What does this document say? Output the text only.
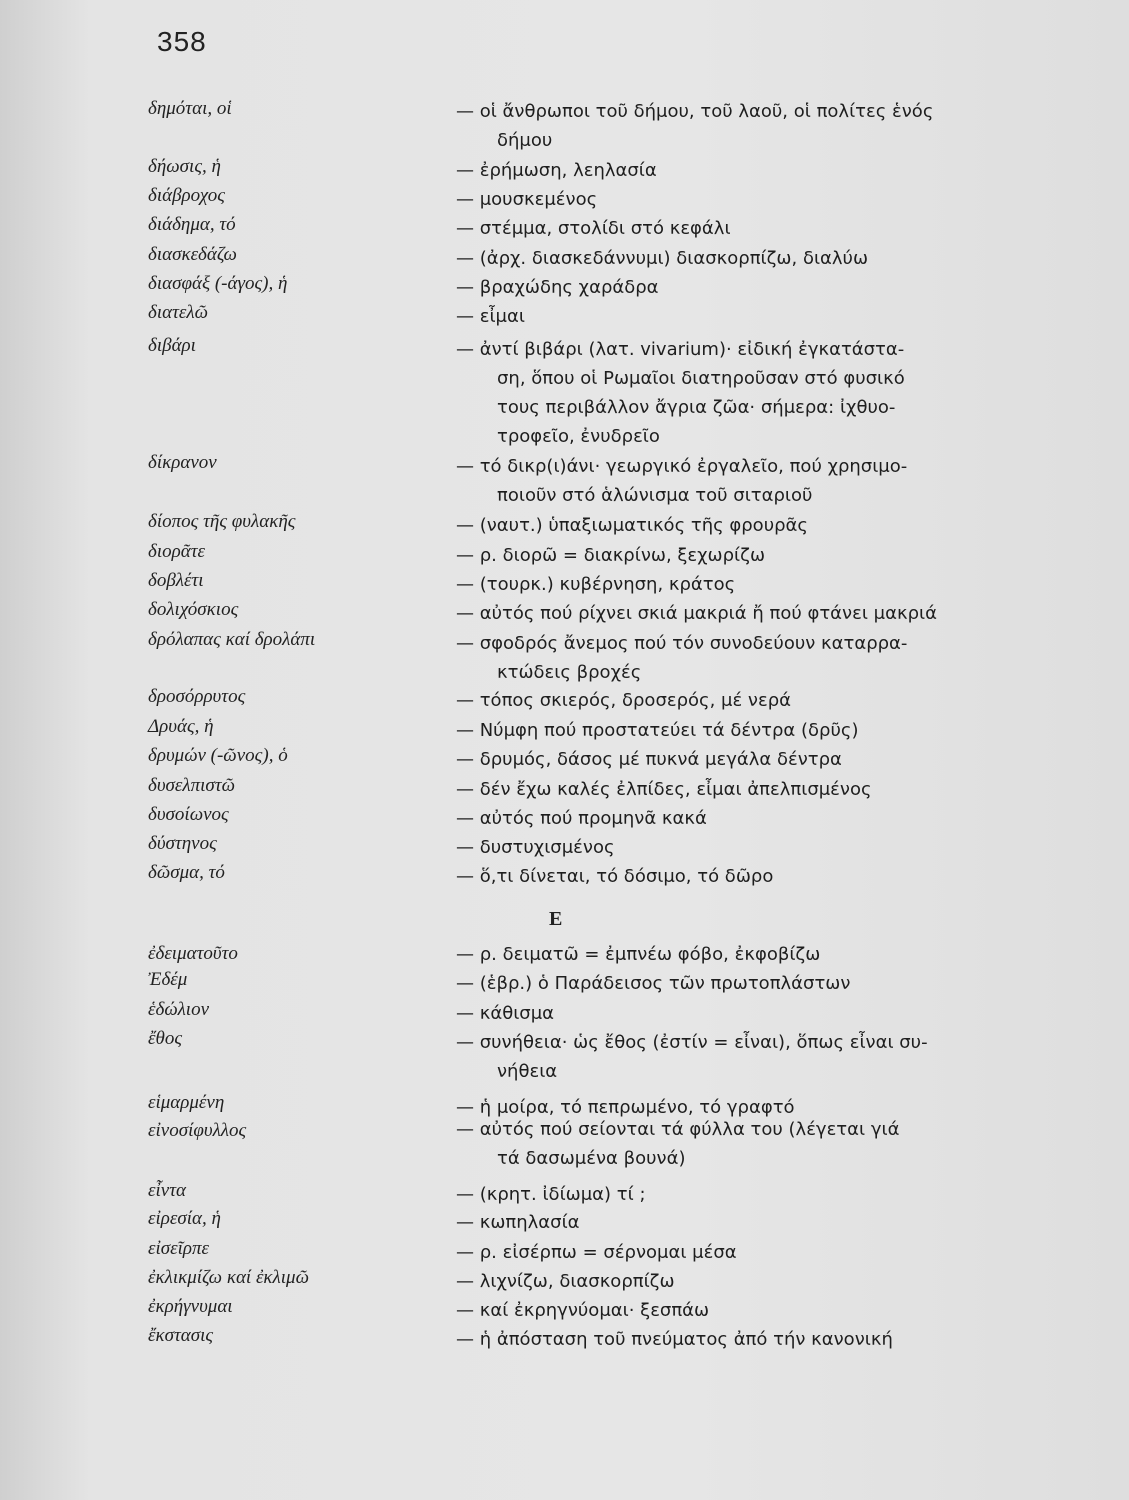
358
E
δημόται, οἱ	— οἱ ἄνθρωποι τοῦ δήμου, τοῦ λαοῦ, οἱ πολίτες ἑνός
δήμου
δήωσις, ἡ	— ἐρήμωση, λεηλασία
διάβροχος	— μουσκεμένος
διάδημα, τό	— στέμμα, στολίδι στό κεφάλι
διασκεδάζω	— (ἀρχ. διασκεδάννυμι) διασκορπίζω, διαλύω
διασφάξ (-άγος), ἡ	— βραχώδης χαράδρα
διατελῶ	— εἶμαι
διβάρι	— ἀντί βιβάρι (λατ. vivarium)· εἰδική ἐγκατάστα-
ση, ὅπου οἱ Ρωμαῖοι διατηροῦσαν στό φυσικό
τους περιβάλλον ἄγρια ζῶα· σήμερα: ἰχθυο-
τροφεῖο, ἐνυδρεῖο
δίκρανον	— τό δικρ(ι)άνι· γεωργικό ἐργαλεῖο, πού χρησιμο-
ποιοῦν στό ἁλώνισμα τοῦ σιταριοῦ
δίοπος τῆς φυλακῆς	— (ναυτ.) ὑπαξιωματικός τῆς φρουρᾶς
διορᾶτε	— ρ. διορῶ = διακρίνω, ξεχωρίζω
δοβλέτι	— (τουρκ.) κυβέρνηση, κράτος
δολιχόσκιος	— αὐτός πού ρίχνει σκιά μακριά ἤ πού φτάνει μακριά
δρόλαπας καί δρολάπι	— σφοδρός ἄνεμος πού τόν συνοδεύουν καταρρα-
κτώδεις βροχές
δροσόρρυτος	— τόπος σκιερός, δροσερός, μέ νερά
Δρυάς, ἡ	— Νύμφη πού προστατεύει τά δέντρα (δρῦς)
δρυμών (-ῶνος), ὁ	— δρυμός, δάσος μέ πυκνά μεγάλα δέντρα
δυσελπιστῶ	— δέν ἔχω καλές ἐλπίδες, εἶμαι ἀπελπισμένος
δυσοίωνος	— αὐτός πού προμηνᾶ κακά
δύστηνος	— δυστυχισμένος
δῶσμα, τό	— ὅ,τι δίνεται, τό δόσιμο, τό δῶρο
ἐδειματοῦτο	— ρ. δειματῶ = ἐμπνέω φόβο, ἐκφοβίζω
Ἐδέμ	— (ἑβρ.) ὁ Παράδεισος τῶν πρωτοπλάστων
ἑδώλιον	— κάθισμα
ἔθος	— συνήθεια· ὡς ἔθος (ἐστίν = εἶναι), ὅπως εἶναι συ-
νήθεια
εἱμαρμένη	— ἡ μοίρα, τό πεπρωμένο, τό γραφτό
εἰνοσίφυλλος	— αὐτός πού σείονται τά φύλλα του (λέγεται γιά
τά δασωμένα βουνά)
εἶντα	— (κρητ. ἰδίωμα) τί ;
εἰρεσία, ἡ	— κωπηλασία
εἰσεῖρπε	— ρ. εἰσέρπω = σέρνομαι μέσα
ἐκλικμίζω καί ἐκλιμῶ	— λιχνίζω, διασκορπίζω
ἐκρήγνυμαι	— καί ἐκρηγνύομαι· ξεσπάω
ἔκστασις	— ἡ ἀπόσταση τοῦ πνεύματος ἀπό τήν κανονική
